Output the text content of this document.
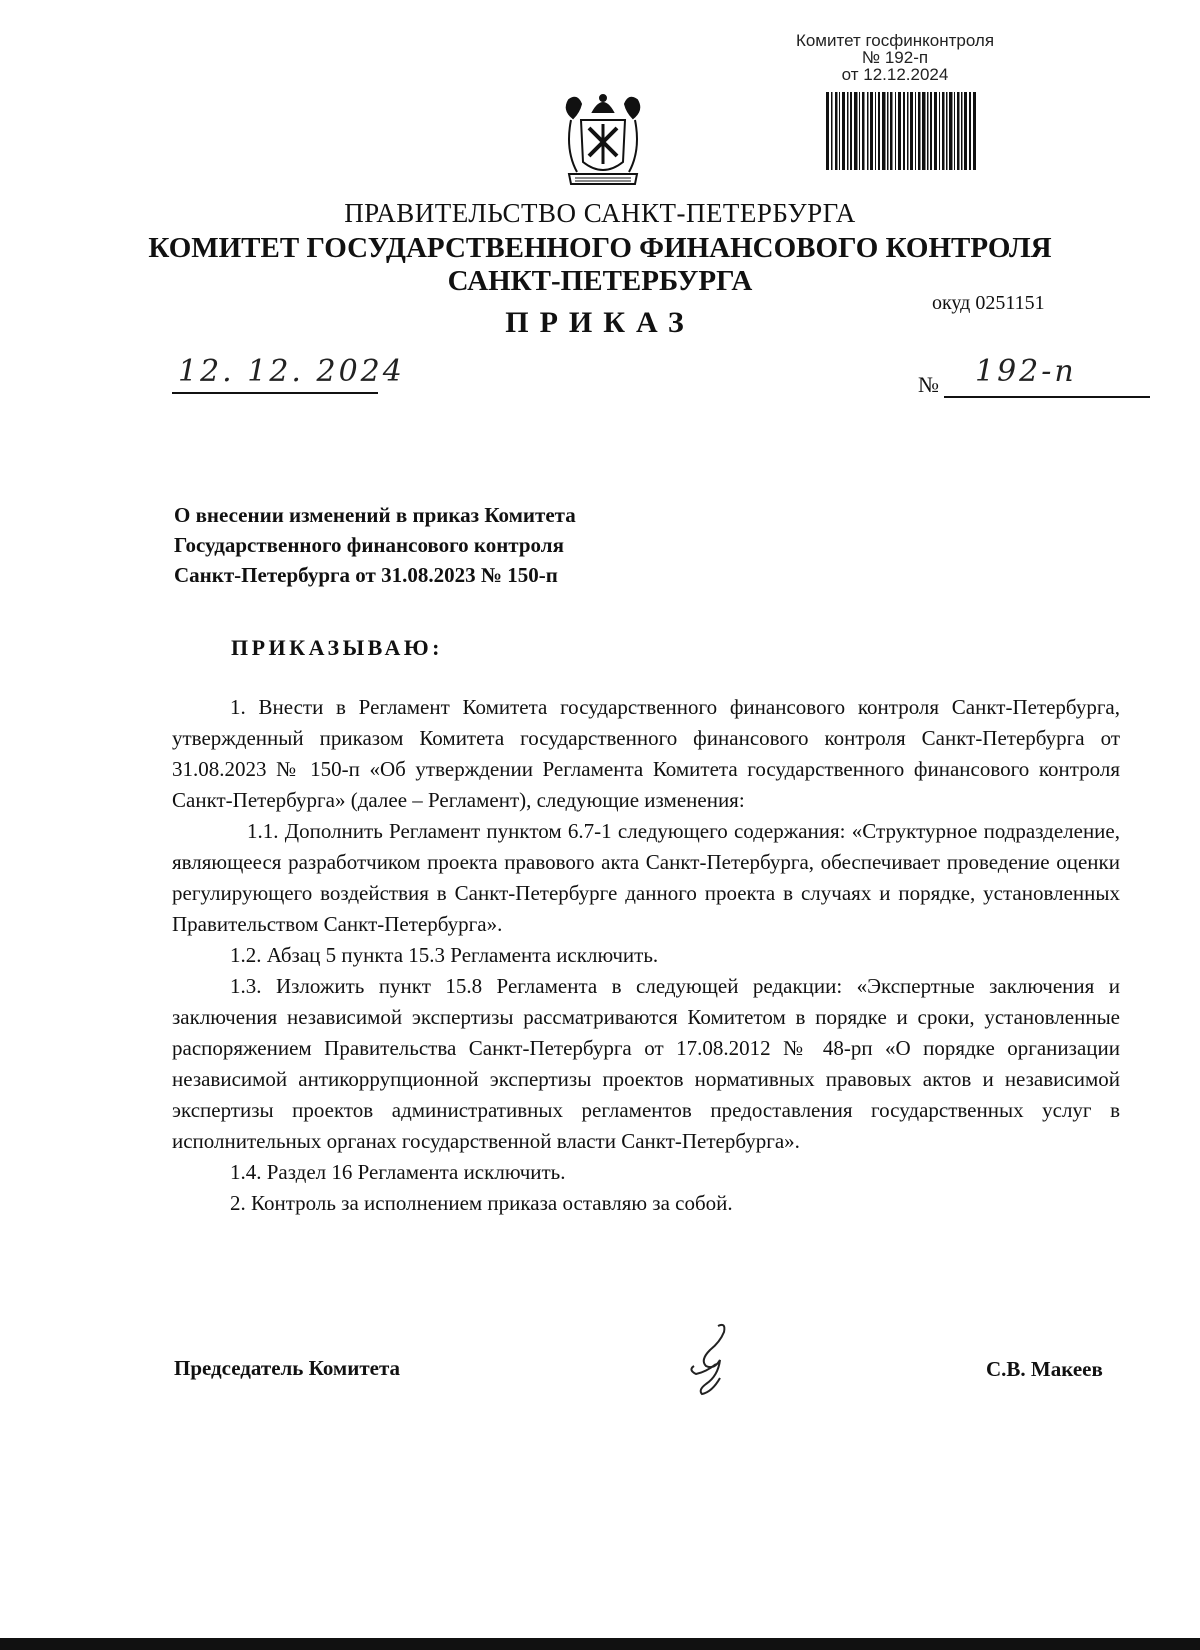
Комитет госфинконтроля
№ 192-п
от 12.12.2024
ПРАВИТЕЛЬСТВО САНКТ-ПЕТЕРБУРГА
КОМИТЕТ ГОСУДАРСТВЕННОГО ФИНАНСОВОГО КОНТРОЛЯ
САНКТ-ПЕТЕРБУРГА
окуд 0251151
ПРИКАЗ
12. 12. 2024	№ 192-п
О внесении изменений в приказ Комитета
Государственного финансового контроля
Санкт-Петербурга от 31.08.2023 № 150-п
ПРИКАЗЫВАЮ:

1. Внести в Регламент Комитета государственного финансового контроля Санкт-Петербурга, утвержденный приказом Комитета государственного финансового контроля Санкт-Петербурга от 31.08.2023 № 150-п «Об утверждении Регламента Комитета государственного финансового контроля Санкт-Петербурга» (далее – Регламент), следующие изменения:

1.1. Дополнить Регламент пунктом 6.7-1 следующего содержания: «Структурное подразделение, являющееся разработчиком проекта правового акта Санкт-Петербурга, обеспечивает проведение оценки регулирующего воздействия в Санкт-Петербурге данного проекта в случаях и порядке, установленных Правительством Санкт-Петербурга».

1.2. Абзац 5 пункта 15.3 Регламента исключить.

1.3. Изложить пункт 15.8 Регламента в следующей редакции: «Экспертные заключения и заключения независимой экспертизы рассматриваются Комитетом в порядке и сроки, установленные распоряжением Правительства Санкт-Петербурга от 17.08.2012 № 48-рп «О порядке организации независимой антикоррупционной экспертизы проектов нормативных правовых актов и независимой экспертизы проектов административных регламентов предоставления государственных услуг в исполнительных органах государственной власти Санкт-Петербурга».

1.4. Раздел 16 Регламента исключить.

2. Контроль за исполнением приказа оставляю за собой.

Председатель Комитета	С.В. Макеев
